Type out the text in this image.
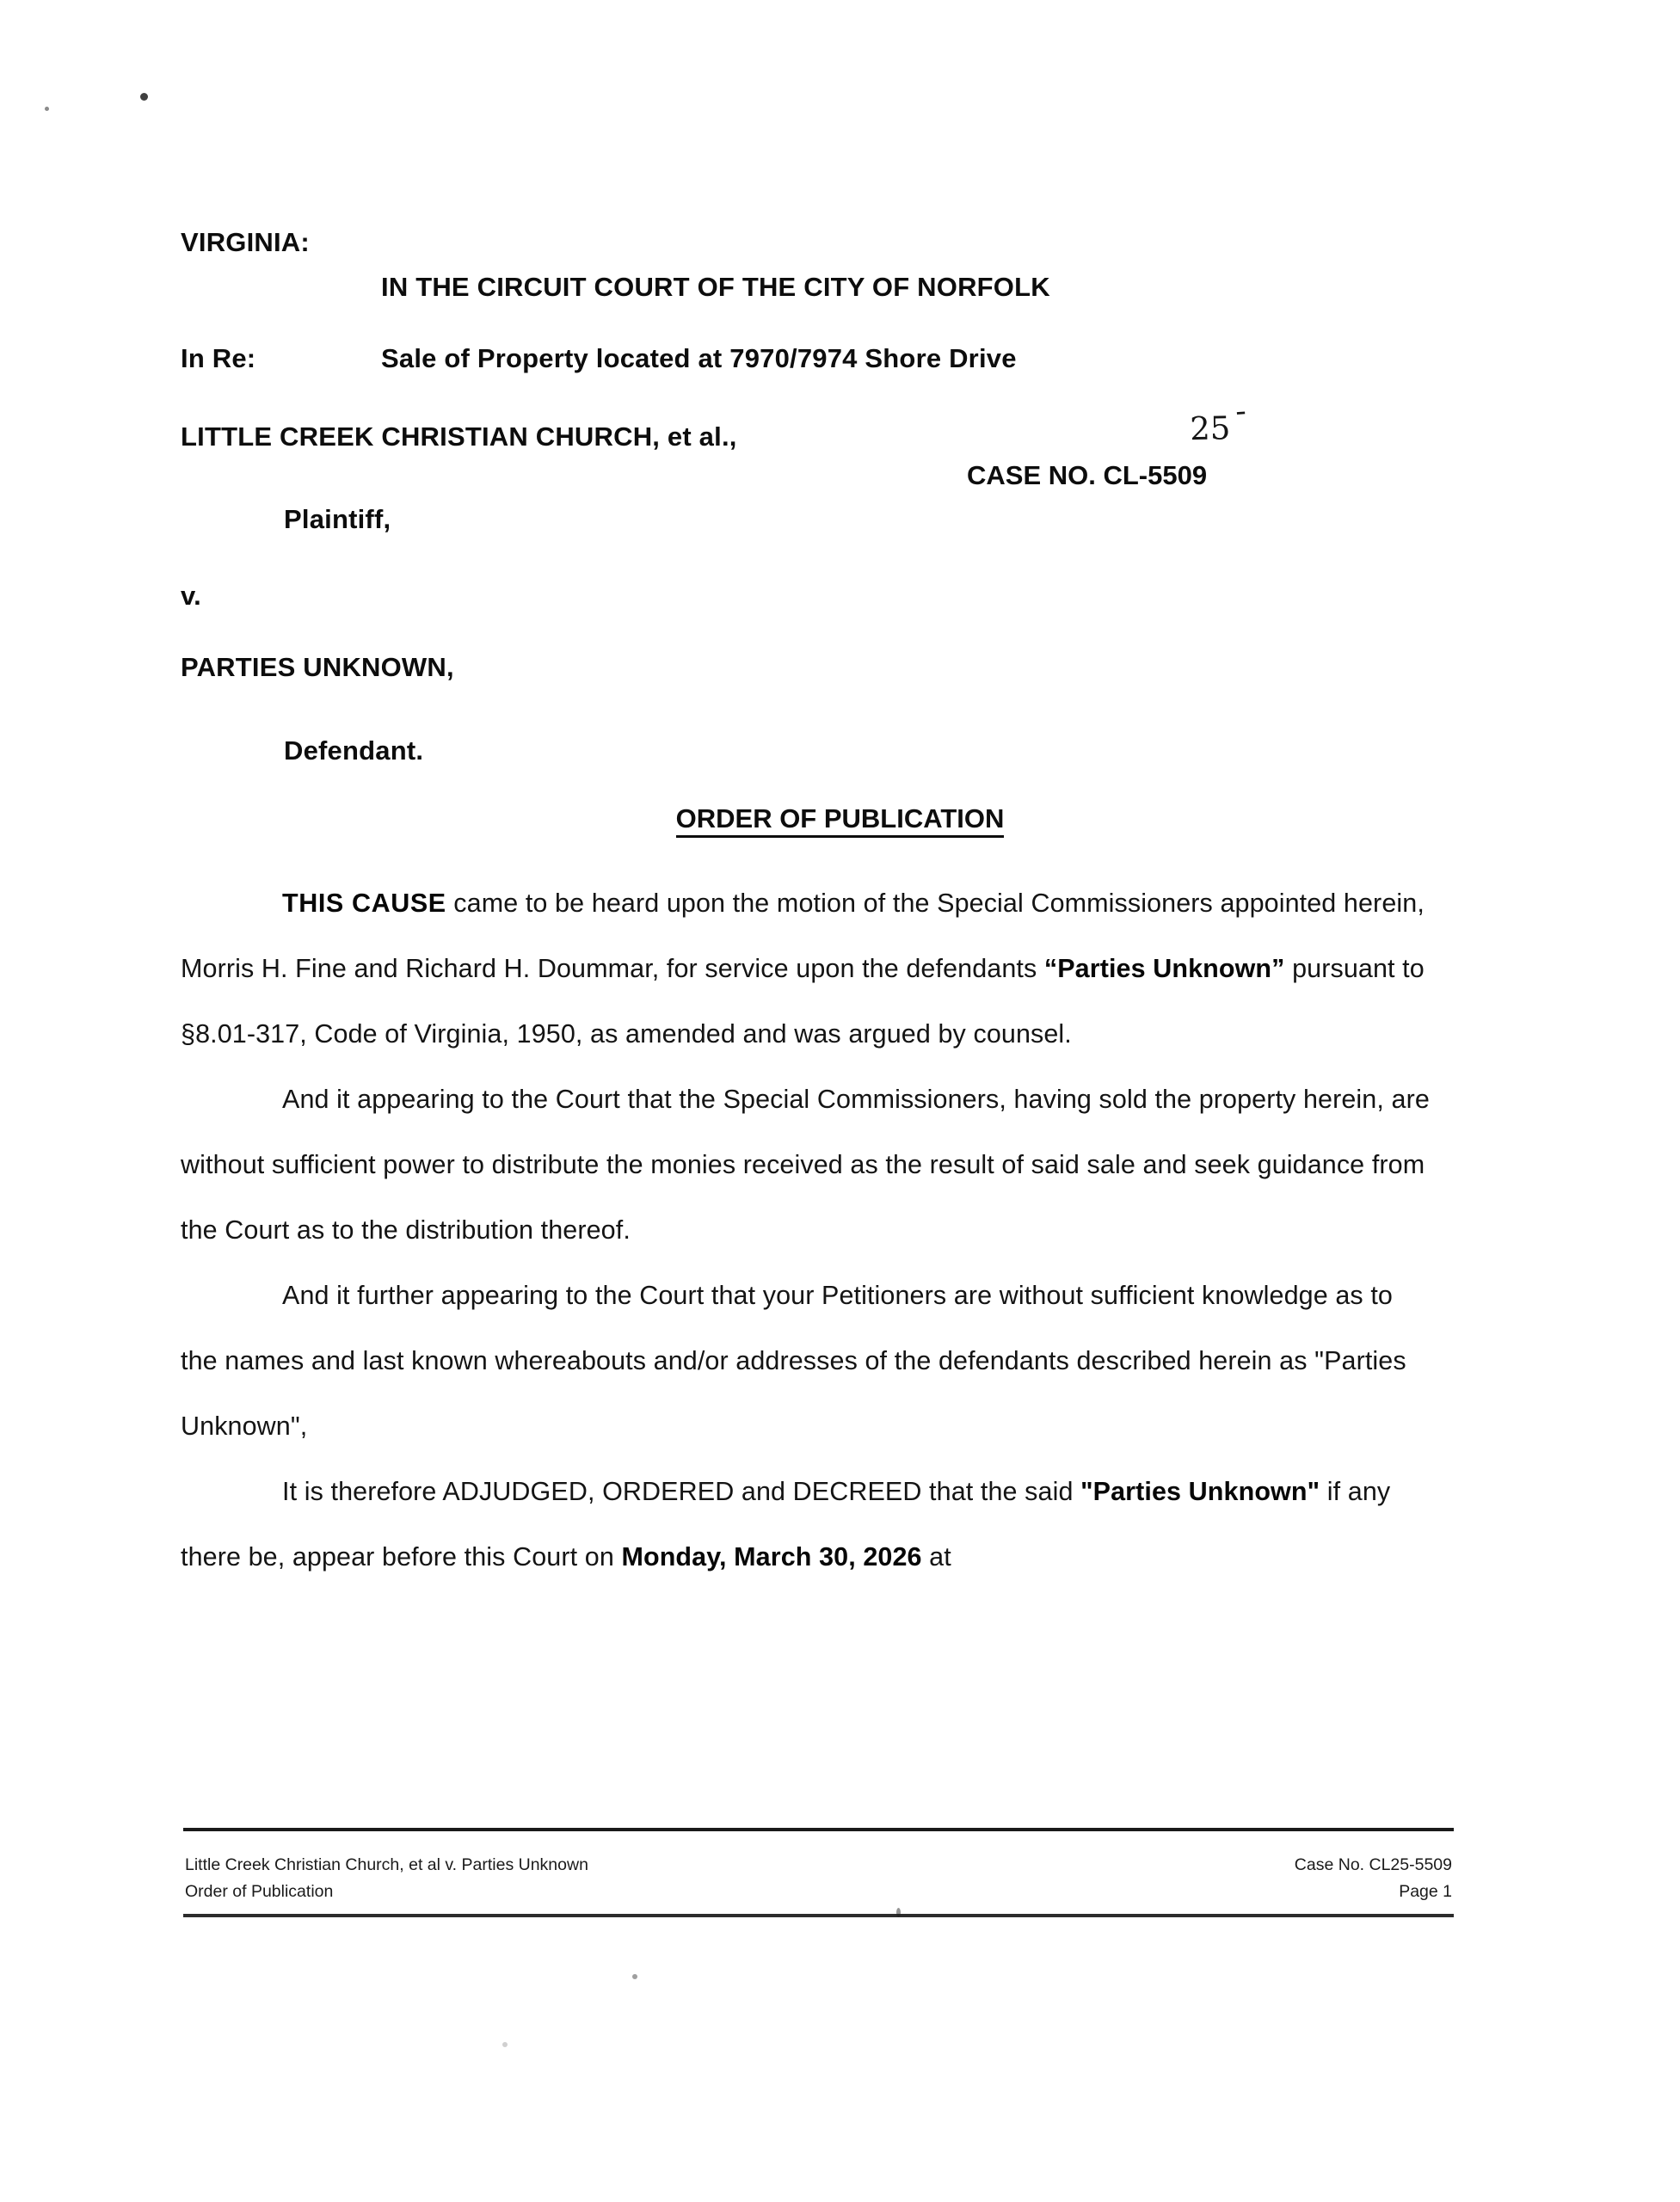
VIRGINIA:
IN THE CIRCUIT COURT OF THE CITY OF NORFOLK
In Re:	Sale of Property located at 7970/7974 Shore Drive
LITTLE CREEK CHRISTIAN CHURCH, et al.,
CASE NO. CL-5509
25 -
Plaintiff,
v.
PARTIES UNKNOWN,
Defendant.
ORDER OF PUBLICATION

THIS CAUSE came to be heard upon the motion of the Special Commissioners appointed herein, Morris H. Fine and Richard H. Doummar, for service upon the defendants “Parties Unknown” pursuant to §8.01-317, Code of Virginia, 1950, as amended and was argued by counsel.

And it appearing to the Court that the Special Commissioners, having sold the property herein, are without sufficient power to distribute the monies received as the result of said sale and seek guidance from the Court as to the distribution thereof.

And it further appearing to the Court that your Petitioners are without sufficient knowledge as to the names and last known whereabouts and/or addresses of the defendants described herein as "Parties Unknown",

It is therefore ADJUDGED, ORDERED and DECREED that the said "Parties Unknown" if any there be, appear before this Court on Monday, March 30, 2026 at

Little Creek Christian Church, et al v. Parties Unknown
Order of Publication
Case No. CL25-5509
Page 1
